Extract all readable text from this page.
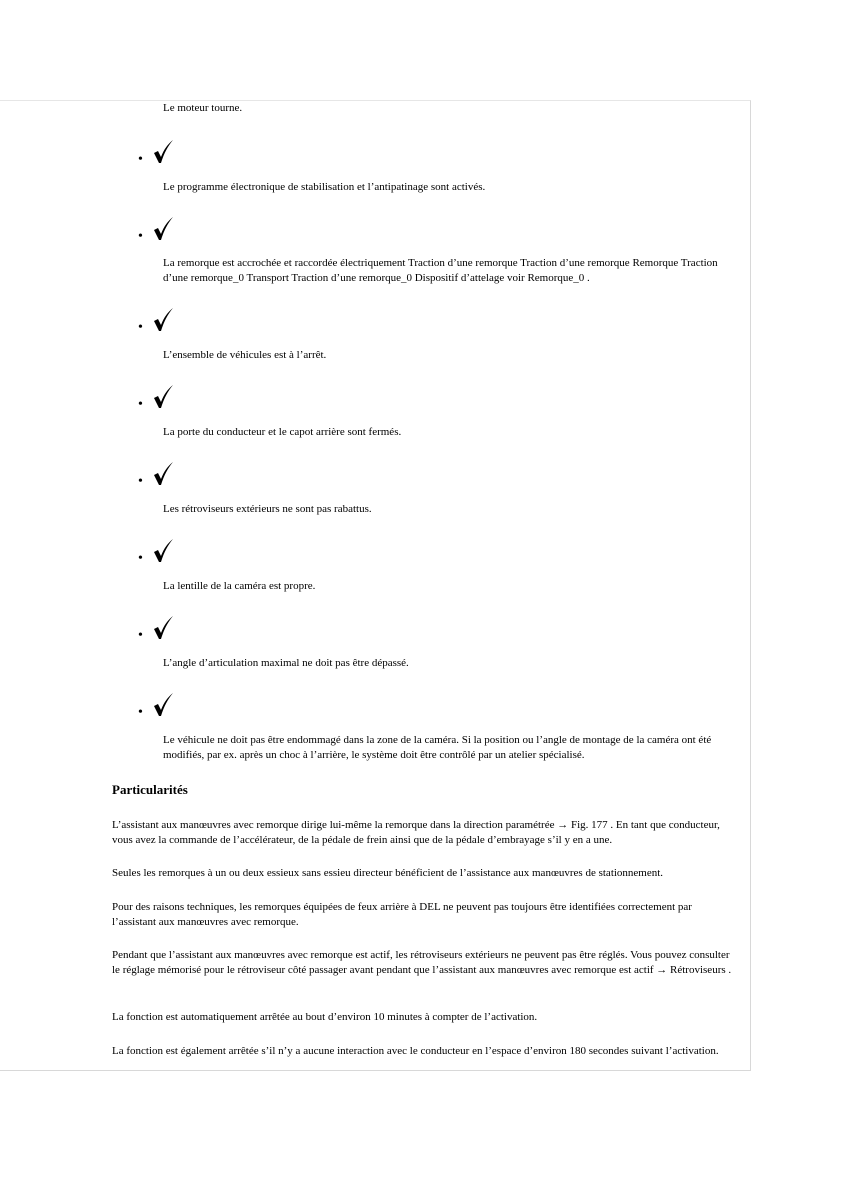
Le moteur tourne.
•
Le programme électronique de stabilisation et l’antipatinage sont activés.
•
La remorque est accrochée et raccordée électriquement Traction d’une remorque Traction d’une remorque Remorque Traction d’une remorque_0 Transport Traction d’une remorque_0 Dispositif d’attelage voir Remorque_0 .
•
L’ensemble de véhicules est à l’arrêt.
•
La porte du conducteur et le capot arrière sont fermés.
•
Les rétroviseurs extérieurs ne sont pas rabattus.
•
La lentille de la caméra est propre.
•
L’angle d’articulation maximal ne doit pas être dépassé.
•
Le véhicule ne doit pas être endommagé dans la zone de la caméra. Si la position ou l’angle de montage de la caméra ont été modifiés, par ex. après un choc à l’arrière, le système doit être contrôlé par un atelier spécialisé.
Particularités
L’assistant aux manœuvres avec remorque dirige lui-même la remorque dans la direction paramétrée → Fig. 177 . En tant que conducteur, vous avez la commande de l’accélérateur, de la pédale de frein ainsi que de la pédale d’embrayage s’il y en a une.
Seules les remorques à un ou deux essieux sans essieu directeur bénéficient de l’assistance aux manœuvres de stationnement.
Pour des raisons techniques, les remorques équipées de feux arrière à DEL ne peuvent pas toujours être identifiées correctement par l’assistant aux manœuvres avec remorque.
Pendant que l’assistant aux manœuvres avec remorque est actif, les rétroviseurs extérieurs ne peuvent pas être réglés. Vous pouvez consulter le réglage mémorisé pour le rétroviseur côté passager avant pendant que l’assistant aux manœuvres avec remorque est actif → Rétroviseurs .
La fonction est automatiquement arrêtée au bout d’environ 10 minutes à compter de l’activation.
La fonction est également arrêtée s’il n’y a aucune interaction avec le conducteur en l’espace d’environ 180 secondes suivant l’activation.
